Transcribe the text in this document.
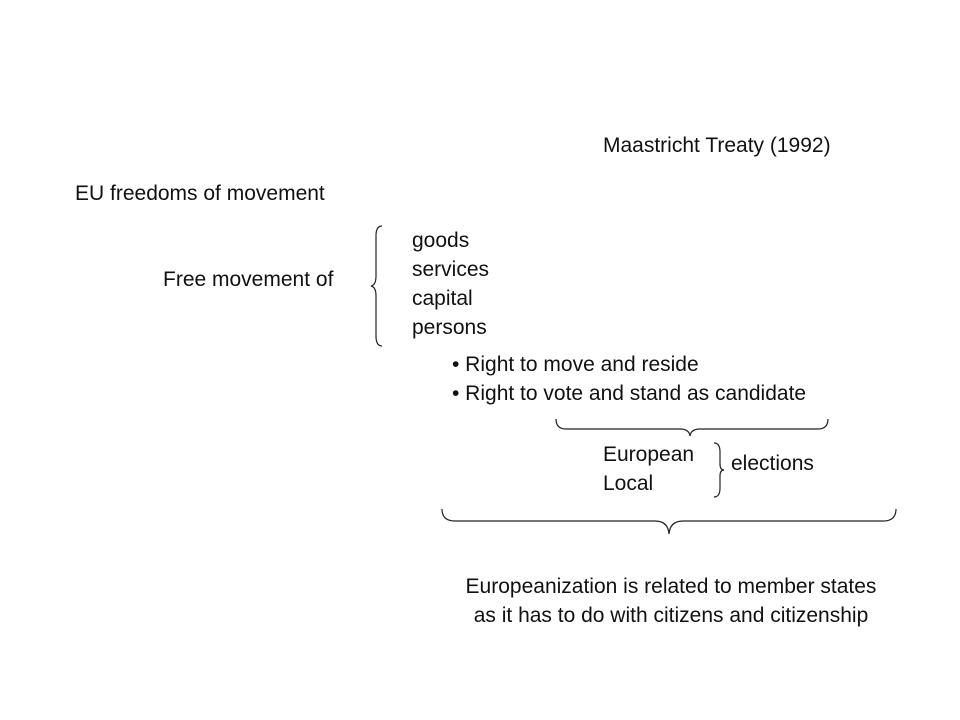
Maastricht Treaty (1992)
EU freedoms of movement
Free movement of
goods
services
capital
persons
• Right to move and reside
• Right to vote and stand as candidate
European
Local
elections
Europeanization is related to member states
as it has to do with citizens and citizenship
